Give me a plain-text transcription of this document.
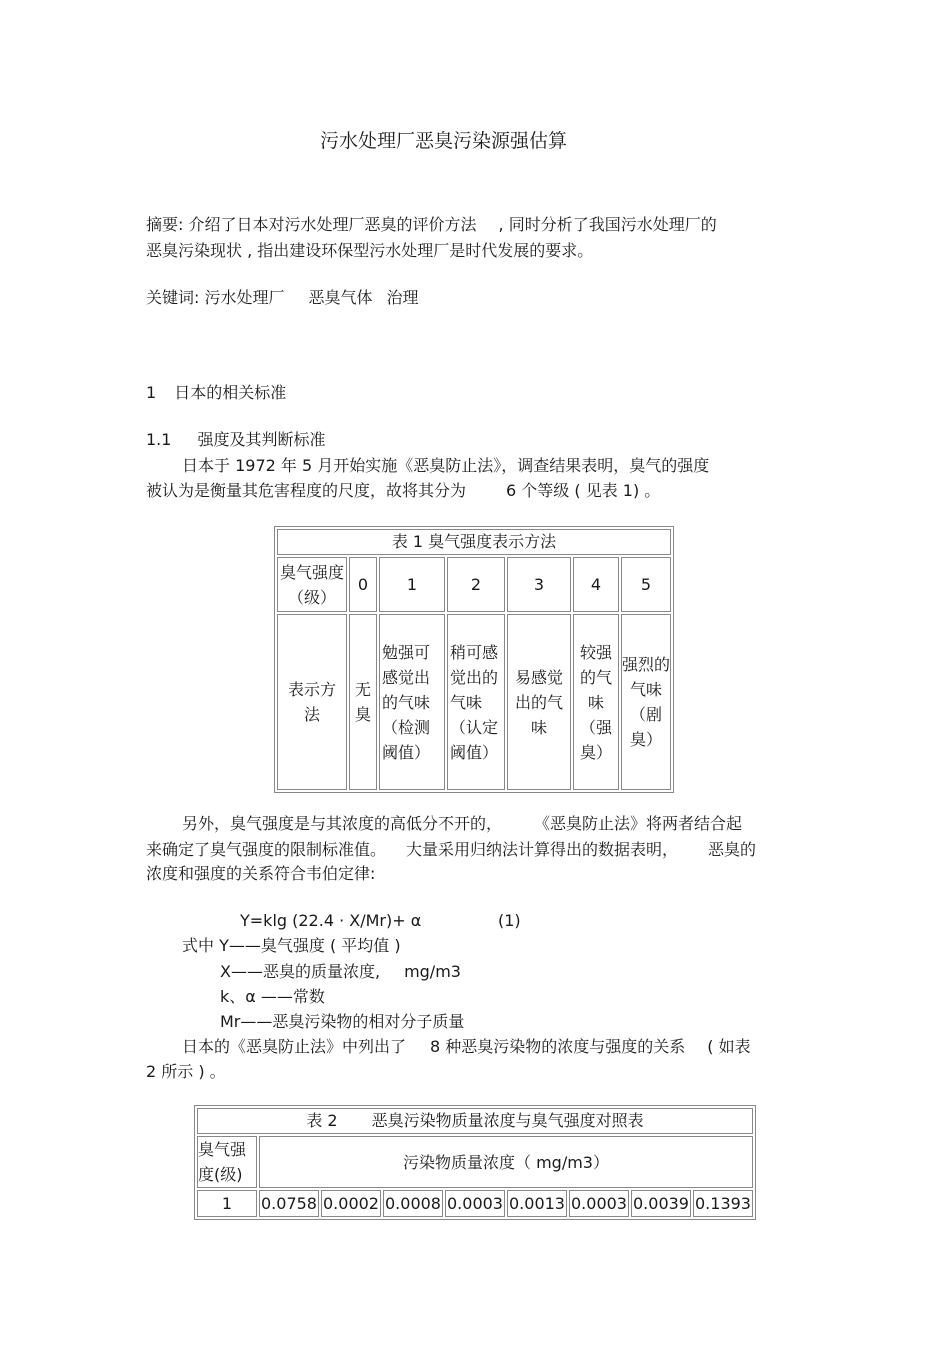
污水处理厂恶臭污染源强估算
摘要: 介绍了日本对污水处理厂恶臭的评价方法 , 同时分析了我国污水处理厂的
恶臭污染现状 , 指出建设环保型污水处理厂是时代发展的要求。
关键词: 污水处理厂 恶臭气体 治理
1 日本的相关标准
1.1 强度及其判断标准
日本于 1972 年 5 月开始实施《恶臭防止法》，调查结果表明，臭气的强度
被认为是衡量其危害程度的尺度，故将其分为	6 个等级 ( 见表 1) 。
表 1 臭气强度表示方法						
臭气强度（级）	0	1	2	3	4	5
表示方法	无臭	勉强可感觉出的气味（检测阈值）	稍可感觉出的气味（认定阈值）	易感觉出的气味	较强的气味（强臭）	强烈的气味（剧臭）
另外，臭气强度是与其浓度的高低分不开的， 《恶臭防止法》将两者结合起
来确定了臭气强度的限制标准值。 大量采用归纳法计算得出的数据表明， 恶臭的
浓度和强度的关系符合韦伯定律:
Y=klg (22.4 · X/Mr)+ α	(1)
式中 Y——臭气强度 ( 平均值 )
X——恶臭的质量浓度, mg/m3
k、α ——常数
Mr——恶臭污染物的相对分子质量
日本的《恶臭防止法》中列出了 8 种恶臭污染物的浓度与强度的关系 ( 如表
2 所示 ) 。
表 2 恶臭污染物质量浓度与臭气强度对照表								
臭气强度(级)	污染物质量浓度（ mg/m3）							
1	0.0758	0.0002	0.0008	0.0003	0.0013	0.0003	0.0039	0.1393
